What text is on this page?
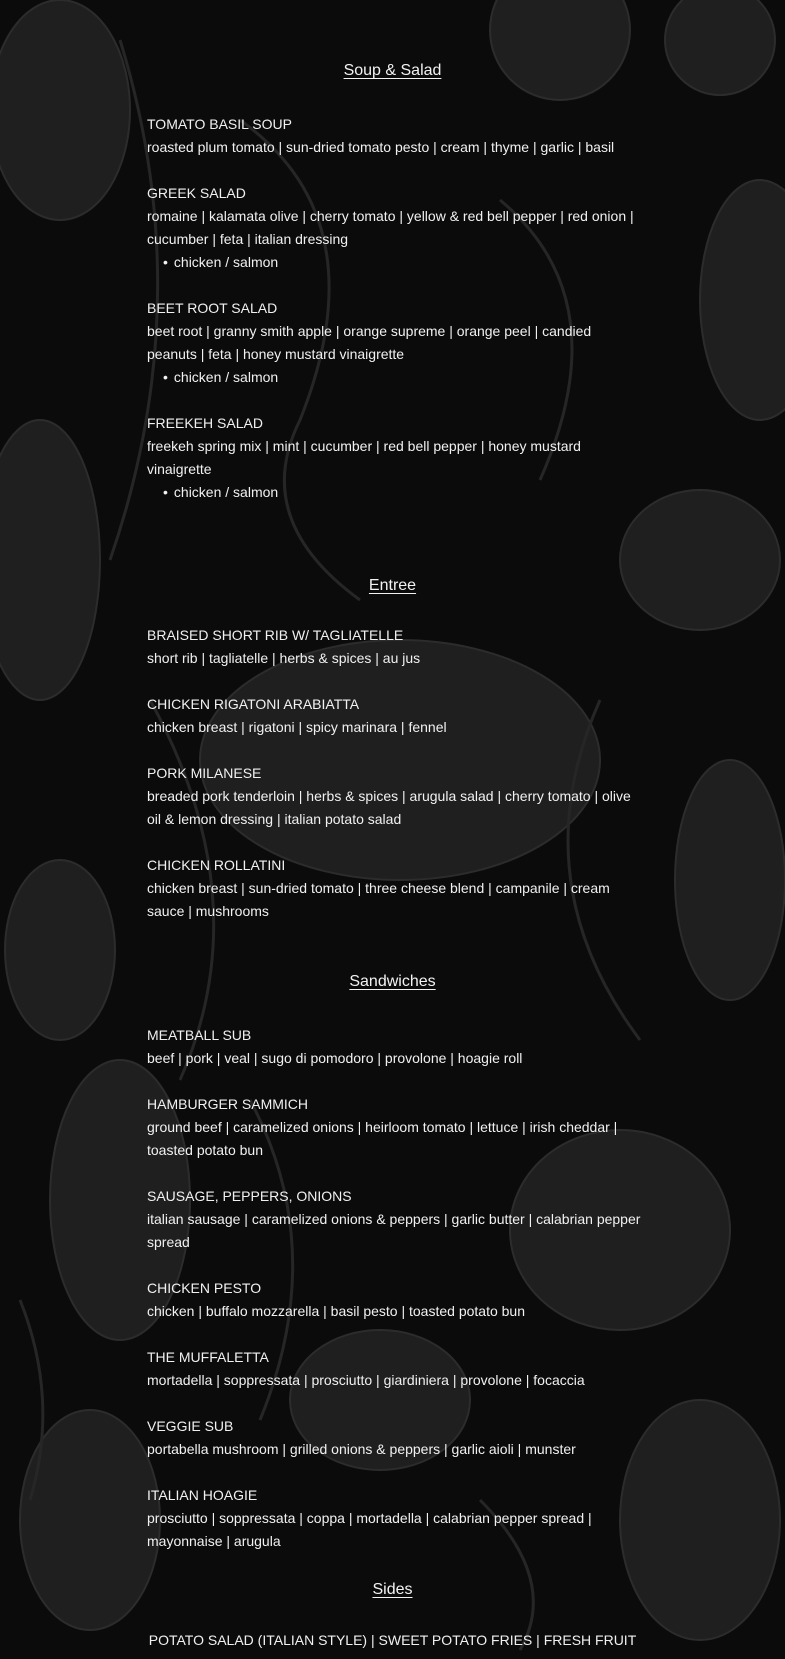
Soup & Salad
TOMATO BASIL SOUP
roasted plum tomato | sun-dried tomato pesto | cream | thyme | garlic | basil
GREEK SALAD
romaine | kalamata olive | cherry tomato | yellow & red bell pepper | red onion | cucumber | feta | italian dressing
• chicken / salmon
BEET ROOT SALAD
beet root | granny smith apple | orange supreme | orange peel | candied peanuts | feta | honey mustard vinaigrette
• chicken / salmon
FREEKEH SALAD
freekeh spring mix | mint | cucumber | red bell pepper | honey mustard vinaigrette
• chicken / salmon
Entree
BRAISED SHORT RIB W/ TAGLIATELLE
short rib | tagliatelle | herbs & spices | au jus
CHICKEN RIGATONI ARABIATTA
chicken breast | rigatoni | spicy marinara | fennel
PORK MILANESE
breaded pork tenderloin | herbs & spices | arugula salad | cherry tomato | olive oil & lemon dressing | italian potato salad
CHICKEN ROLLATINI
chicken breast | sun-dried tomato | three cheese blend | campanile | cream sauce | mushrooms
Sandwiches
MEATBALL SUB
beef | pork | veal | sugo di pomodoro | provolone | hoagie roll
HAMBURGER SAMMICH
ground beef | caramelized onions | heirloom tomato | lettuce | irish cheddar | toasted potato bun
SAUSAGE, PEPPERS, ONIONS
italian sausage | caramelized onions & peppers | garlic butter | calabrian pepper spread
CHICKEN PESTO
chicken | buffalo mozzarella | basil pesto | toasted potato bun
THE MUFFALETTA
mortadella | soppressata | prosciutto | giardiniera | provolone | focaccia
VEGGIE SUB
portabella mushroom | grilled onions & peppers | garlic aioli | munster
ITALIAN HOAGIE
prosciutto | soppressata | coppa | mortadella | calabrian pepper spread | mayonnaise | arugula
Sides
POTATO SALAD (ITALIAN STYLE) | SWEET POTATO FRIES | FRESH FRUIT
